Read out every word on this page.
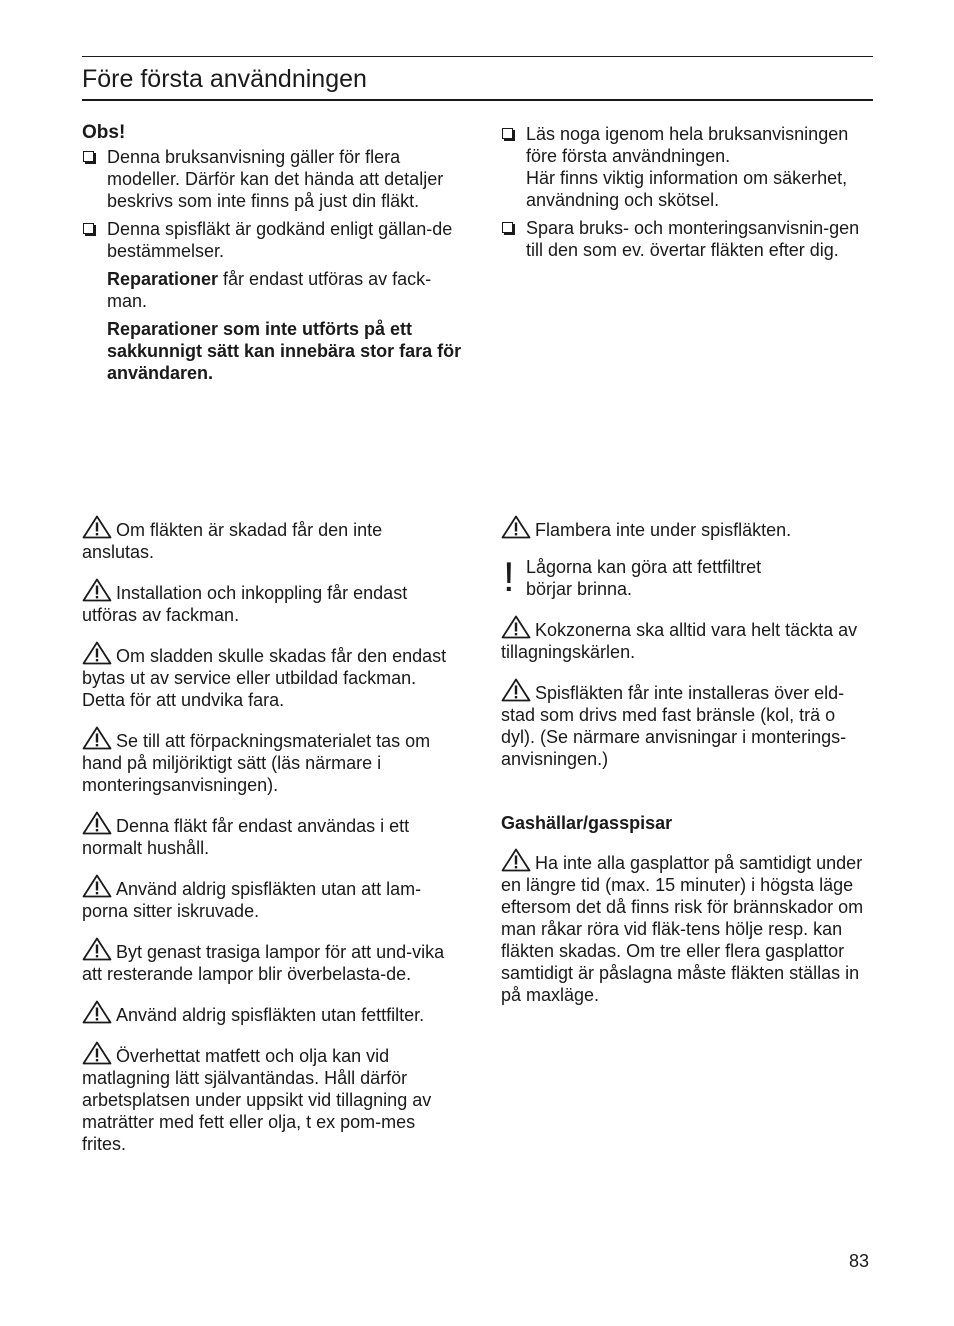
Före första användningen

Obs!

Denna bruksanvisning gäller för flera modeller. Därför kan det hända att detaljer beskrivs som inte finns på just din fläkt.
Denna spisfläkt är godkänd enligt gällan-de bestämmelser.

Reparationer får endast utföras av fack-man.

Reparationer som inte utförts på ett sakkunnigt sätt kan innebära stor fara för användaren.

Läs noga igenom hela bruksanvisningen före första användningen.
Här finns viktig information om säkerhet, användning och skötsel.
Spara bruks- och monteringsanvisnin-gen till den som ev. övertar fläkten efter dig.

Om fläkten är skadad får den inte anslutas.

Installation och inkoppling får endast utföras av fackman.

Om sladden skulle skadas får den endast bytas ut av service eller utbildad fackman. Detta för att undvika fara.

Se till att förpackningsmaterialet tas om hand på miljöriktigt sätt (läs närmare i monteringsanvisningen).

Denna fläkt får endast användas i ett normalt hushåll.

Använd aldrig spisfläkten utan att lam-porna sitter iskruvade.

Byt genast trasiga lampor för att und-vika att resterande lampor blir överbelasta-de.

Använd aldrig spisfläkten utan fettfilter.

Överhettat matfett och olja kan vid matlagning lätt självantändas. Håll därför arbetsplatsen under uppsikt vid tillagning av maträtter med fett eller olja, t ex pom-mes frites.

Flambera inte under spisfläkten.

! Lågorna kan göra att fettfiltret
börjar brinna.

Kokzonerna ska alltid vara helt täckta av tillagningskärlen.

Spisfläkten får inte installeras över eld-stad som drivs med fast bränsle (kol, trä o dyl). (Se närmare anvisningar i monterings-anvisningen.)

Gashällar/gasspisar

Ha inte alla gasplattor på samtidigt under en längre tid (max. 15 minuter) i högsta läge eftersom det då finns risk för brännskador om man råkar röra vid fläk-tens hölje resp. kan fläkten skadas. Om tre eller flera gasplattor samtidigt är påslagna måste fläkten ställas in på maxläge.

83
